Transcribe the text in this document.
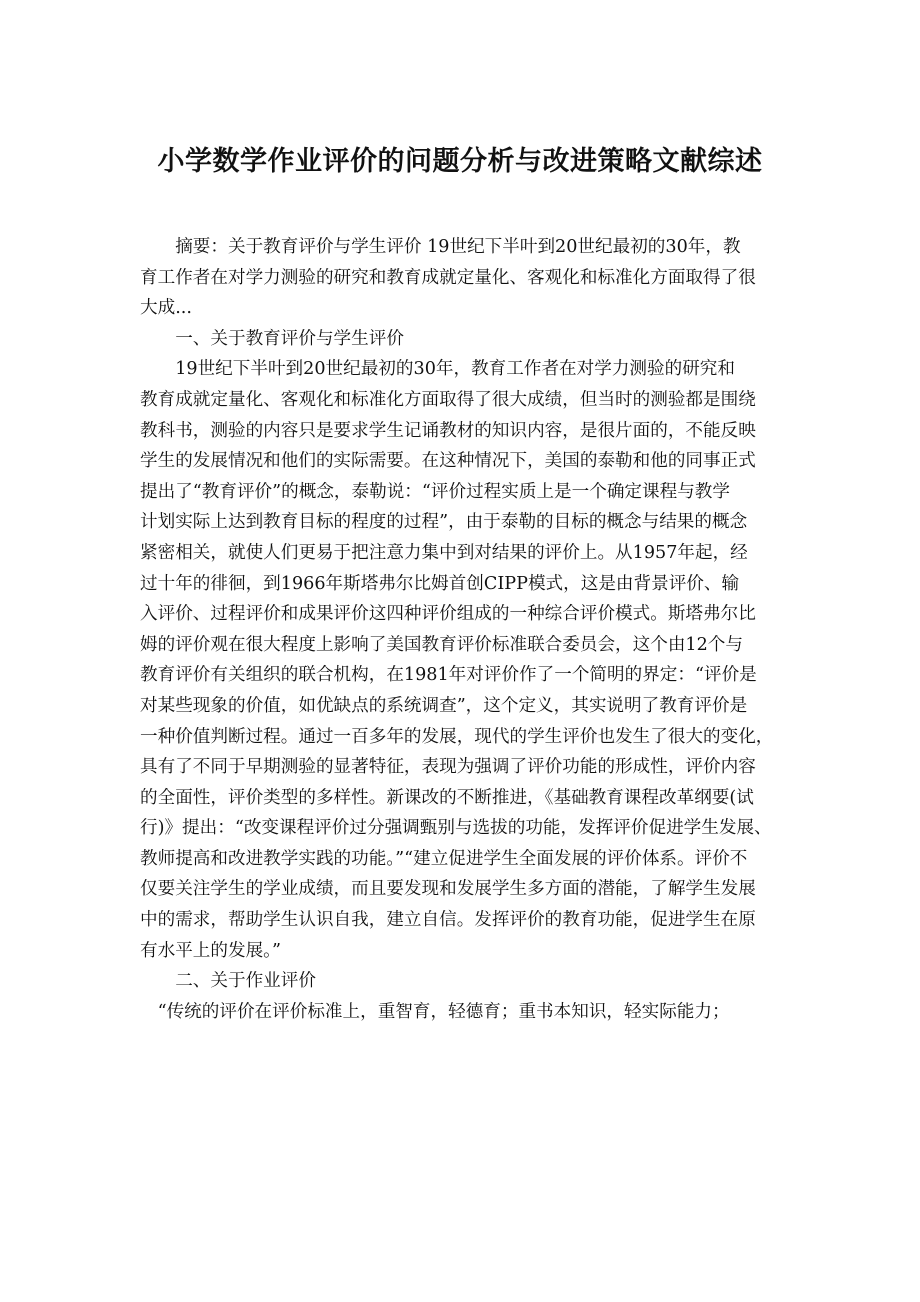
小学数学作业评价的问题分析与改进策略文献综述
　　摘要：关于教育评价与学生评价 19世纪下半叶到20世纪最初的30年，教
育工作者在对学力测验的研究和教育成就定量化、客观化和标准化方面取得了很
大成...
　　一、关于教育评价与学生评价
　　19世纪下半叶到20世纪最初的30年，教育工作者在对学力测验的研究和
教育成就定量化、客观化和标准化方面取得了很大成绩，但当时的测验都是围绕
教科书，测验的内容只是要求学生记诵教材的知识内容，是很片面的，不能反映
学生的发展情况和他们的实际需要。在这种情况下，美国的泰勒和他的同事正式
提出了“教育评价”的概念，泰勒说：“评价过程实质上是一个确定课程与教学
计划实际上达到教育目标的程度的过程”，由于泰勒的目标的概念与结果的概念
紧密相关，就使人们更易于把注意力集中到对结果的评价上。从1957年起，经
过十年的徘徊，到1966年斯塔弗尔比姆首创CIPP模式，这是由背景评价、输
入评价、过程评价和成果评价这四种评价组成的一种综合评价模式。斯塔弗尔比
姆的评价观在很大程度上影响了美国教育评价标准联合委员会，这个由12个与
教育评价有关组织的联合机构，在1981年对评价作了一个简明的界定：“评价是
对某些现象的价值，如优缺点的系统调查”，这个定义，其实说明了教育评价是
一种价值判断过程。通过一百多年的发展，现代的学生评价也发生了很大的变化，
具有了不同于早期测验的显著特征，表现为强调了评价功能的形成性，评价内容
的全面性，评价类型的多样性。新课改的不断推进，《基础教育课程改革纲要(试
行)》提出：“改变课程评价过分强调甄别与选拔的功能，发挥评价促进学生发展、
教师提高和改进教学实践的功能。”“建立促进学生全面发展的评价体系。评价不
仅要关注学生的学业成绩，而且要发现和发展学生多方面的潜能，了解学生发展
中的需求，帮助学生认识自我，建立自信。发挥评价的教育功能，促进学生在原
有水平上的发展。”
　　二、关于作业评价
　“传统的评价在评价标准上，重智育，轻德育；重书本知识，轻实际能力；
